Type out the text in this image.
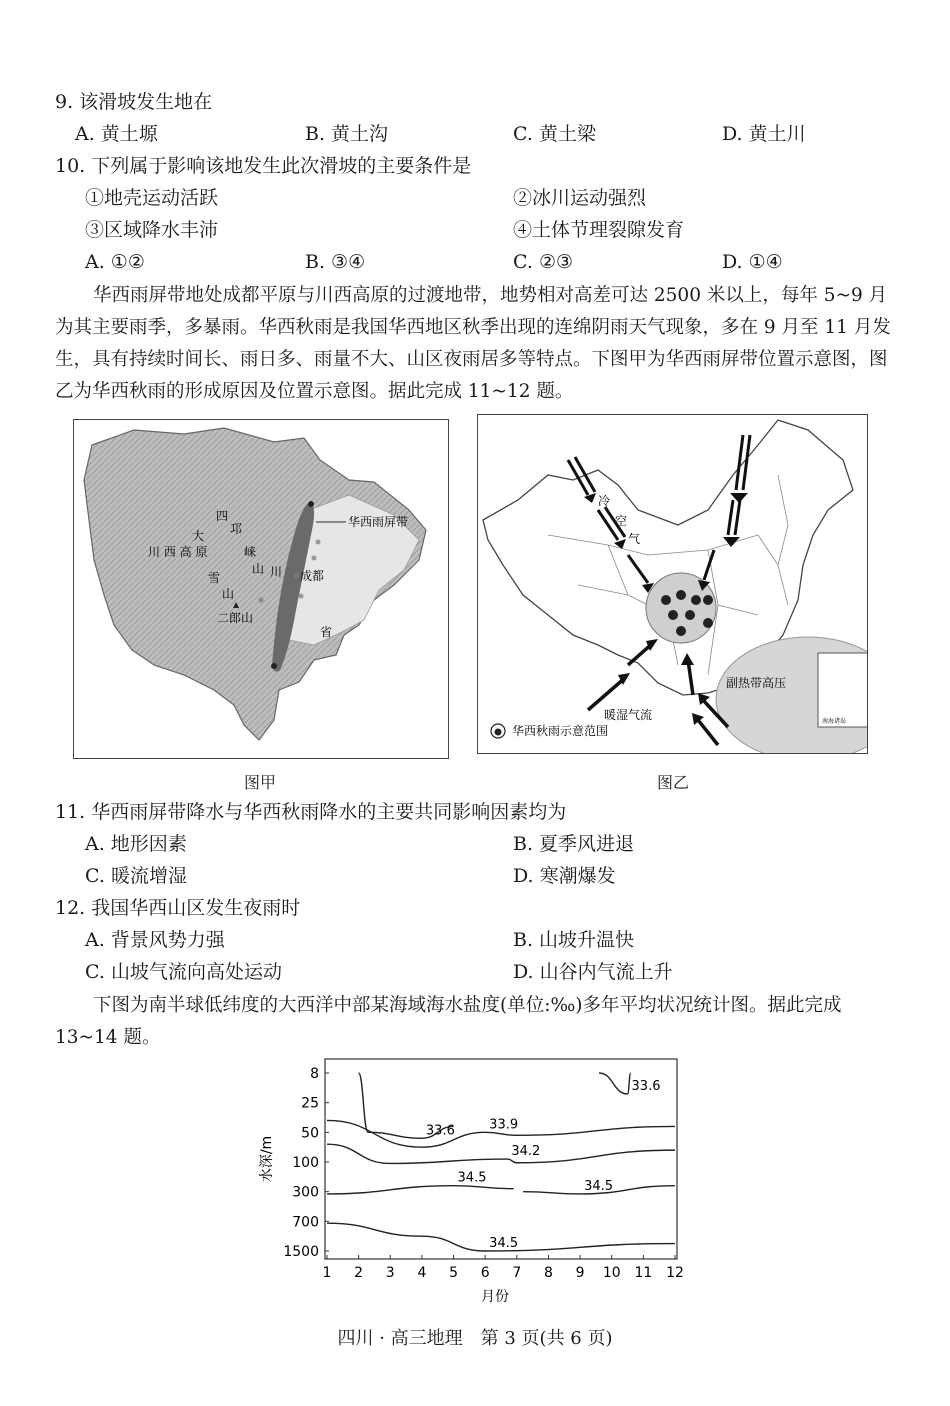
9. 该滑坡发生地在
A. 黄土塬	B. 黄土沟	C. 黄土梁	D. 黄土川
10. 下列属于影响该地发生此次滑坡的主要条件是
①地壳运动活跃	②冰川运动强烈
③区域降水丰沛	④土体节理裂隙发育
A. ①②	B. ③④	C. ②③	D. ①④
华西雨屏带地处成都平原与川西高原的过渡地带，地势相对高差可达 2500 米以上，每年 5~9 月为其主要雨季，多暴雨。华西秋雨是我国华西地区秋季出现的连绵阴雨天气现象，多在 9 月至 11 月发生，具有持续时间长、雨日多、雨量不大、山区夜雨居多等特点。下图甲为华西雨屏带位置示意图，图乙为华西秋雨的形成原因及位置示意图。据此完成 11~12 题。
华西雨屏带
四
邛
崃
山
大
川 西 高 原
雪
山
川 成都
二郎山
省
图甲
南海诸岛
冷
空
气
暖湿气流
副热带高压
华西秋雨示意范围
图乙
11. 华西雨屏带降水与华西秋雨降水的主要共同影响因素均为
A. 地形因素	B. 夏季风进退
C. 暖流增湿	D. 寒潮爆发
12. 我国华西山区发生夜雨时
A. 背景风势力强	B. 山坡升温快
C. 山坡气流向高处运动	D. 山谷内气流上升
下图为南半球低纬度的大西洋中部某海域海水盐度(单位:‰)多年平均状况统计图。据此完成 13~14 题。
8
25
50
100
300
700
1500
1 2 3 4 5 6 7 8 9 10 11 12
33.6
33.6
33.9
34.2
34.5
34.5
34.5
月份
水深/m
四川 · 高三地理　第 3 页(共 6 页)
